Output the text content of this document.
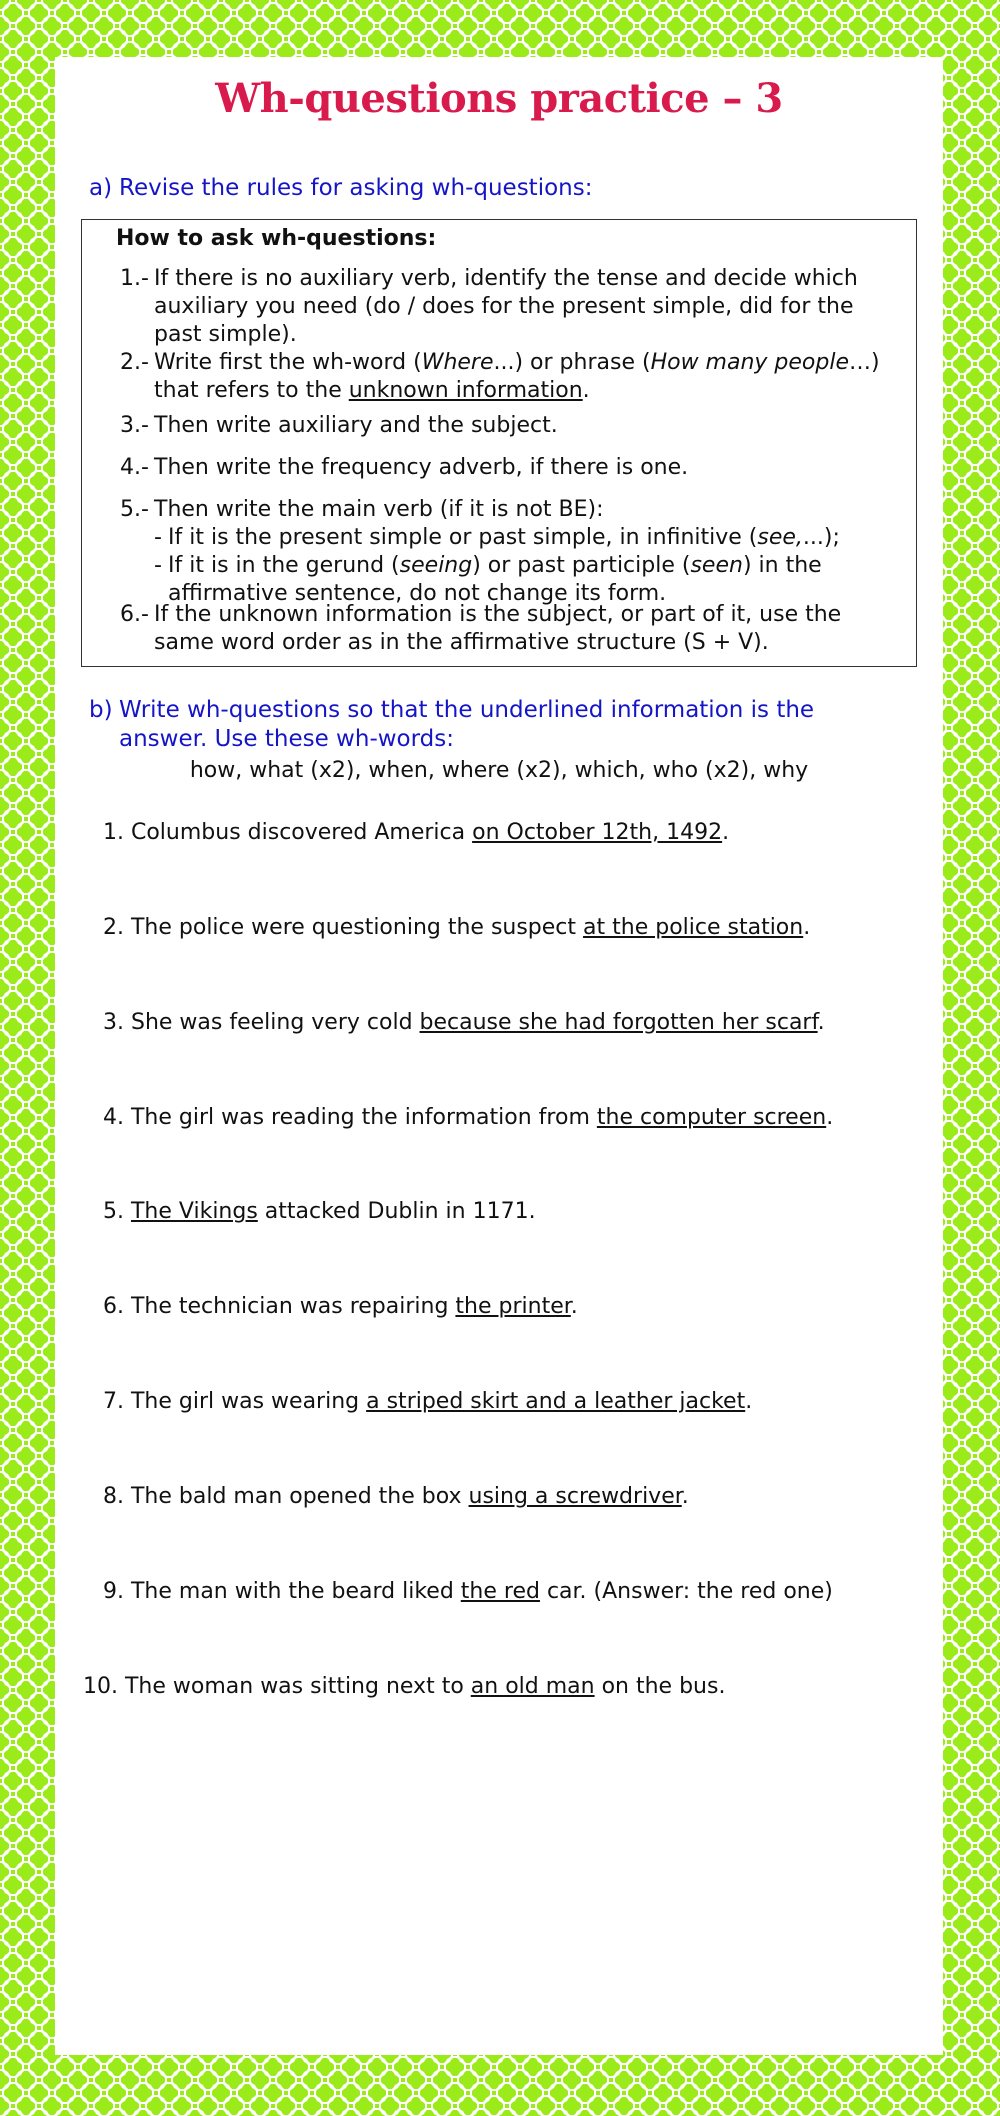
Wh-questions practice – 3
a) Revise the rules for asking wh-questions:
How to ask wh-questions:
1.- If there is no auxiliary verb, identify the tense and decide which auxiliary you need (do / does for the present simple, did for the past simple).
2.- Write first the wh-word (Where...) or phrase (How many people…) that refers to the unknown information.
3.- Then write auxiliary and the subject.
4.- Then write the frequency adverb, if there is one.
5.- Then write the main verb (if it is not BE):
- If it is the present simple or past simple, in infinitive (see,...);
- If it is in the gerund (seeing) or past participle (seen) in the affirmative sentence, do not change its form.
6.- If the unknown information is the subject, or part of it, use the same word order as in the affirmative structure (S + V).
b) Write wh-questions so that the underlined information is the answer. Use these wh-words:
how, what (x2), when, where (x2), which, who (x2), why
1. Columbus discovered America on October 12th, 1492.
2. The police were questioning the suspect at the police station.
3. She was feeling very cold because she had forgotten her scarf.
4. The girl was reading the information from the computer screen.
5. The Vikings attacked Dublin in 1171.
6. The technician was repairing the printer.
7. The girl was wearing a striped skirt and a leather jacket.
8. The bald man opened the box using a screwdriver.
9. The man with the beard liked the red car. (Answer: the red one)
10. The woman was sitting next to an old man on the bus.
